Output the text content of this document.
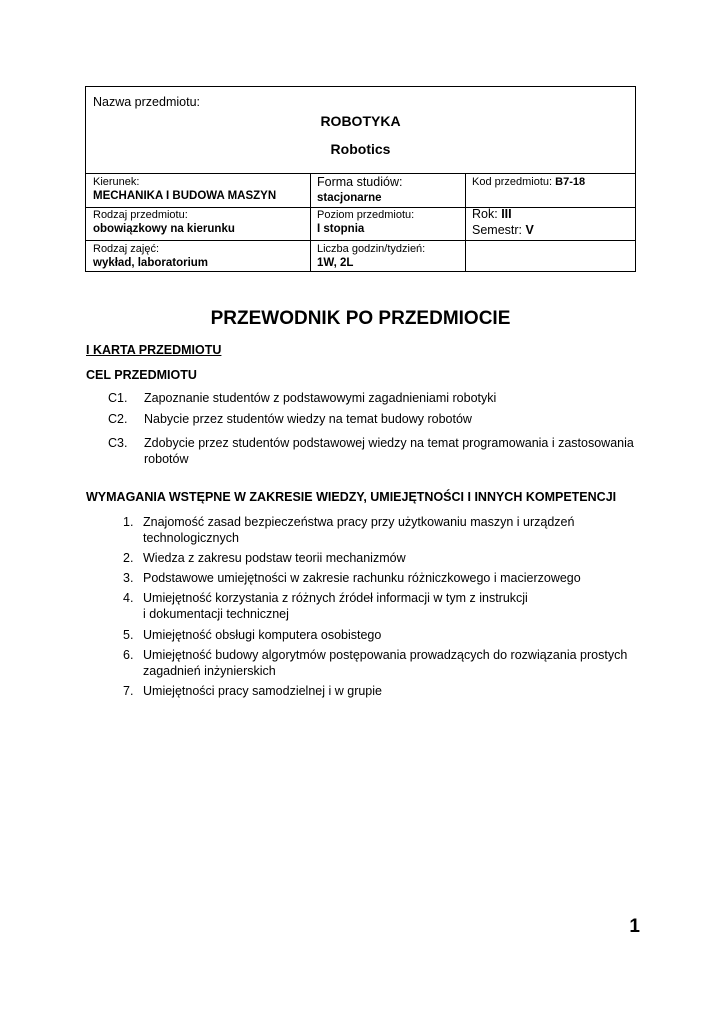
Nazwa przedmiotu:
ROBOTYKA
Robotics
Kierunek:
MECHANIKA I BUDOWA MASZYN
Forma studiów:
stacjonarne
Kod przedmiotu: B7-18
Rodzaj przedmiotu:
obowiązkowy na kierunku
Poziom przedmiotu:
I stopnia
Rok: III
Semestr: V
Rodzaj zajęć:
wykład, laboratorium
Liczba godzin/tydzień:
1W, 2L
PRZEWODNIK PO PRZEDMIOCIE
I KARTA PRZEDMIOTU
CEL PRZEDMIOTU
C1. Zapoznanie studentów z podstawowymi zagadnieniami robotyki
C2. Nabycie przez studentów wiedzy na temat budowy robotów
C3. Zdobycie przez studentów podstawowej wiedzy na temat programowania i zastosowania
robotów
WYMAGANIA WSTĘPNE W ZAKRESIE WIEDZY, UMIEJĘTNOŚCI I INNYCH KOMPETENCJI
1. Znajomość zasad bezpieczeństwa pracy przy użytkowaniu maszyn i urządzeń
technologicznych
2. Wiedza z zakresu podstaw teorii mechanizmów
3. Podstawowe umiejętności w zakresie rachunku różniczkowego i macierzowego
4. Umiejętność korzystania z różnych źródeł informacji w tym z instrukcji
i dokumentacji technicznej
5. Umiejętność obsługi komputera osobistego
6. Umiejętność budowy algorytmów postępowania prowadzących do rozwiązania prostych
zagadnień inżynierskich
7. Umiejętności pracy samodzielnej i w grupie
1
